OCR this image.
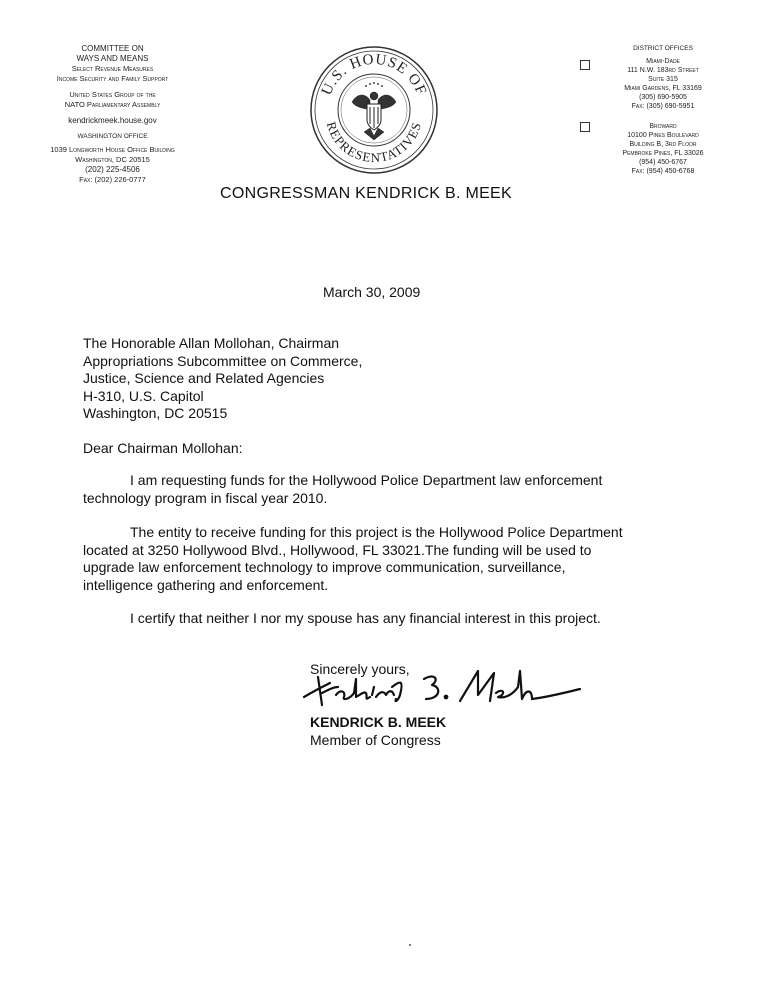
COMMITTEE ON
WAYS AND MEANS
Select Revenue Measures
Income Security and Family Support
United States Group of the
NATO Parliamentary Assembly
kendrickmeek.house.gov
WASHINGTON OFFICE
1039 Longworth House Office Building
Washington, DC 20515
(202) 225-4506
Fax: (202) 226-0777
U.S. HOUSE OF
REPRESENTATIVES
CONGRESSMAN KENDRICK B. MEEK
DISTRICT OFFICES
Miami-Dade
111 N.W. 183rd Street
Suite 315
Miami Gardens, FL 33169
(305) 690-5905
Fax: (305) 690-5951
Broward
10100 Pines Boulevard
Building B, 3rd Floor
Pembroke Pines, FL 33026
(954) 450-6767
Fax: (954) 450-6768
March 30, 2009
The Honorable Allan Mollohan, Chairman
Appropriations Subcommittee on Commerce,
Justice, Science and Related Agencies
H-310, U.S. Capitol
Washington, DC 20515
Dear Chairman Mollohan:
I am requesting funds for the Hollywood Police Department law enforcement
technology program in fiscal year 2010.
The entity to receive funding for this project is the Hollywood Police Department
located at 3250 Hollywood Blvd., Hollywood, FL 33021.The funding will be used to
upgrade law enforcement technology to improve communication, surveillance,
intelligence gathering and enforcement.
I certify that neither I nor my spouse has any financial interest in this project.
Sincerely yours,
KENDRICK B. MEEK
Member of Congress
